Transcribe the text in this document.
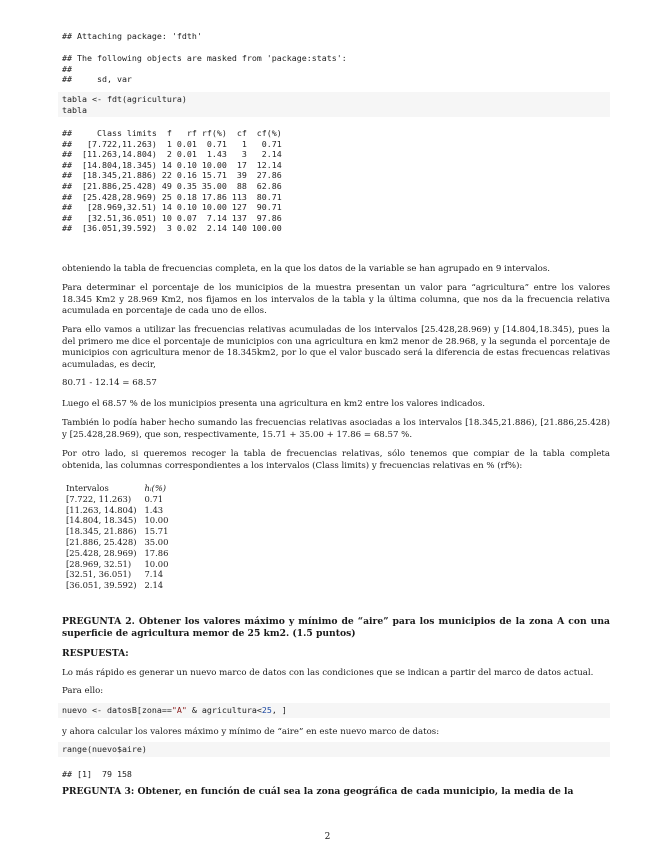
## Attaching package: 'fdth'
## The following objects are masked from 'package:stats':
##
##     sd, var
tabla <- fdt(agricultura)
tabla
##     Class limits  f   rf rf(%)  cf  cf(%)
##   [7.722,11.263)  1 0.01  0.71   1   0.71
##  [11.263,14.804)  2 0.01  1.43   3   2.14
##  [14.804,18.345) 14 0.10 10.00  17  12.14
##  [18.345,21.886) 22 0.16 15.71  39  27.86
##  [21.886,25.428) 49 0.35 35.00  88  62.86
##  [25.428,28.969) 25 0.18 17.86 113  80.71
##   [28.969,32.51) 14 0.10 10.00 127  90.71
##   [32.51,36.051) 10 0.07  7.14 137  97.86
##  [36.051,39.592)  3 0.02  2.14 140 100.00
obteniendo la tabla de frecuencias completa, en la que los datos de la variable se han agrupado en 9 intervalos.
Para determinar el porcentaje de los municipios de la muestra presentan un valor para “agricultura” entre los valores 18.345 Km2 y 28.969 Km2, nos fijamos en los intervalos de la tabla y la última columna, que nos da la frecuencia relativa acumulada en porcentaje de cada uno de ellos.
Para ello vamos a utilizar las frecuencias relativas acumuladas de los intervalos [25.428,28.969) y [14.804,18.345), pues la del primero me dice el porcentaje de municipios con una agricultura en km2 menor de 28.968, y la segunda el porcentaje de municipios con agricultura menor de 18.345km2, por lo que el valor buscado será la diferencia de estas frecuencas relativas acumuladas, es decir,
80.71 - 12.14 = 68.57
Luego el 68.57 % de los municipios presenta una agricultura en km2 entre los valores indicados.
También lo podía haber hecho sumando las frecuencias relativas asociadas a los intervalos [18.345,21.886), [21.886,25.428) y [25.428,28.969), que son, respectivamente, 15.71 + 35.00 + 17.86 = 68.57 %.
Por otro lado, si queremos recoger la tabla de frecuencias relativas, sólo tenemos que compiar de la tabla completa obtenida, las columnas correspondientes a los intervalos (Class limits) y frecuencias relativas en % (rf%):
Intervalos	hᵢ(%)
[7.722, 11.263)	0.71
[11.263, 14.804)	1.43
[14.804, 18.345)	10.00
[18.345, 21.886)	15.71
[21.886, 25.428)	35.00
[25.428, 28.969)	17.86
[28.969, 32.51)	10.00
[32.51, 36.051)	7.14
[36.051, 39.592)	2.14
PREGUNTA 2. Obtener los valores máximo y mínimo de “aire” para los municipios de la zona A con una superficie de agricultura memor de 25 km2. (1.5 puntos)
RESPUESTA:
Lo más rápido es generar un nuevo marco de datos con las condiciones que se indican a partir del marco de datos actual.
Para ello:
nuevo <- datosB[zona=="A" & agricultura<25, ]
y ahora calcular los valores máximo y mínimo de “aire” en este nuevo marco de datos:
range(nuevo$aire)
## [1]  79 158
PREGUNTA 3: Obtener, en función de cuál sea la zona geográfica de cada municipio, la media de la
2
